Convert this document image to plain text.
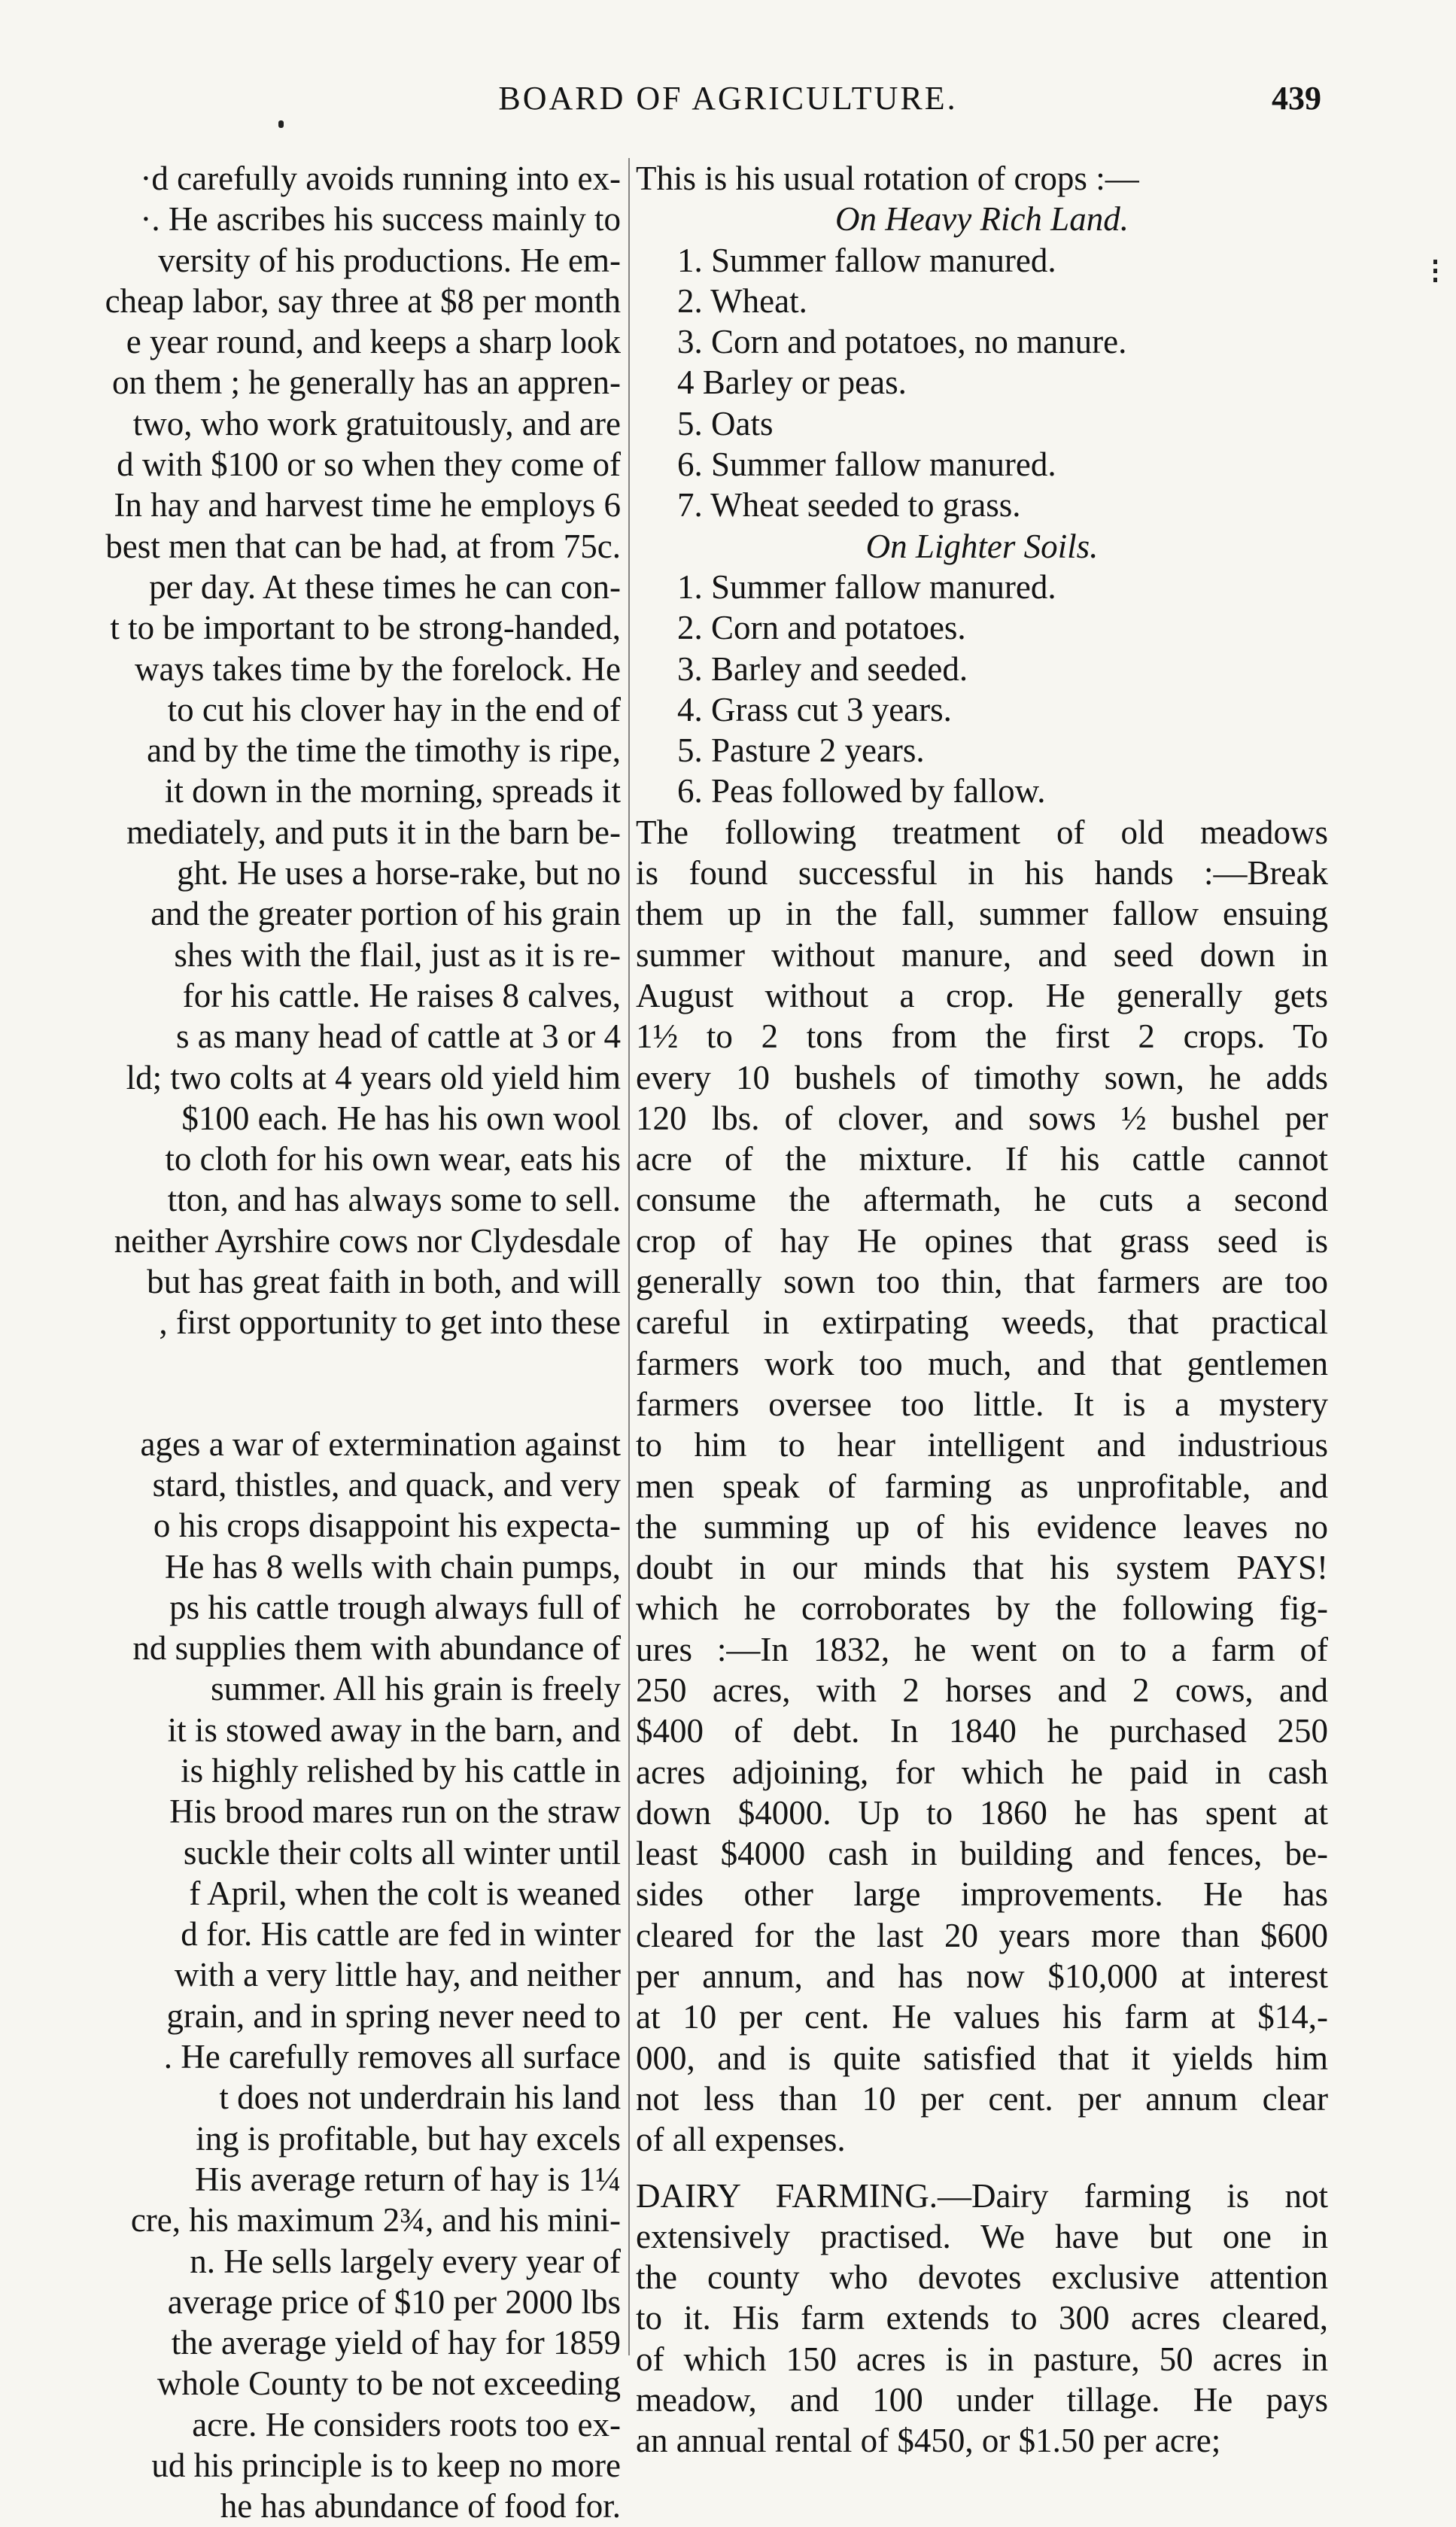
BOARD OF AGRICULTURE.	439
·d carefully avoids running into ex-
·. He ascribes his success mainly to
versity of his productions. He em-
cheap labor, say three at $8 per month
e year round, and keeps a sharp look
on them ; he generally has an appren-
two, who work gratuitously, and are
d with $100 or so when they come of
In hay and harvest time he employs 6
best men that can be had, at from 75c.
per day. At these times he can con-
t to be important to be strong-handed,
ways takes time by the forelock. He
to cut his clover hay in the end of
and by the time the timothy is ripe,
it down in the morning, spreads it
mediately, and puts it in the barn be-
ght. He uses a horse-rake, but no
and the greater portion of his grain
shes with the flail, just as it is re-
for his cattle. He raises 8 calves,
s as many head of cattle at 3 or 4
ld; two colts at 4 years old yield him
$100 each. He has his own wool
to cloth for his own wear, eats his
tton, and has always some to sell.
neither Ayrshire cows nor Clydesdale
but has great faith in both, and will
, first opportunity to get into these
ages a war of extermination against
stard, thistles, and quack, and very
o his crops disappoint his expecta-
He has 8 wells with chain pumps,
ps his cattle trough always full of
nd supplies them with abundance of
summer. All his grain is freely
it is stowed away in the barn, and
is highly relished by his cattle in
His brood mares run on the straw
suckle their colts all winter until
f April, when the colt is weaned
d for. His cattle are fed in winter
with a very little hay, and neither
grain, and in spring never need to
. He carefully removes all surface
t does not underdrain his land
ing is profitable, but hay excels
His average return of hay is 1¼
cre, his maximum 2¾, and his mini-
n. He sells largely every year of
average price of $10 per 2000 lbs
the average yield of hay for 1859
whole County to be not exceeding
acre. He considers roots too ex-
ud his principle is to keep no more
he has abundance of food for.
This is his usual rotation of crops :—
On Heavy Rich Land.
1. Summer fallow manured.
2. Wheat.
3. Corn and potatoes, no manure.
4 Barley or peas.
5. Oats
6. Summer fallow manured.
7. Wheat seeded to grass.
On Lighter Soils.
1. Summer fallow manured.
2. Corn and potatoes.
3. Barley and seeded.
4. Grass cut 3 years.
5. Pasture 2 years.
6. Peas followed by fallow.
The following treatment of old meadows
is found successful in his hands :—Break
them up in the fall, summer fallow ensuing
summer without manure, and seed down in
August without a crop. He generally gets
1½ to 2 tons from the first 2 crops. To
every 10 bushels of timothy sown, he adds
120 lbs. of clover, and sows ½ bushel per
acre of the mixture. If his cattle cannot
consume the aftermath, he cuts a second
crop of hay He opines that grass seed is
generally sown too thin, that farmers are too
careful in extirpating weeds, that practical
farmers work too much, and that gentlemen
farmers oversee too little. It is a mystery
to him to hear intelligent and industrious
men speak of farming as unprofitable, and
the summing up of his evidence leaves no
doubt in our minds that his system PAYS!
which he corroborates by the following fig-
ures :—In 1832, he went on to a farm of
250 acres, with 2 horses and 2 cows, and
$400 of debt. In 1840 he purchased 250
acres adjoining, for which he paid in cash
down $4000. Up to 1860 he has spent at
least $4000 cash in building and fences, be-
sides other large improvements. He has
cleared for the last 20 years more than $600
per annum, and has now $10,000 at interest
at 10 per cent. He values his farm at $14,-
000, and is quite satisfied that it yields him
not less than 10 per cent. per annum clear
of all expenses.
DAIRY FARMING.—Dairy farming is not
extensively practised. We have but one in
the county who devotes exclusive attention
to it. His farm extends to 300 acres cleared,
of which 150 acres is in pasture, 50 acres in
meadow, and 100 under tillage. He pays
an annual rental of $450, or $1.50 per acre;
